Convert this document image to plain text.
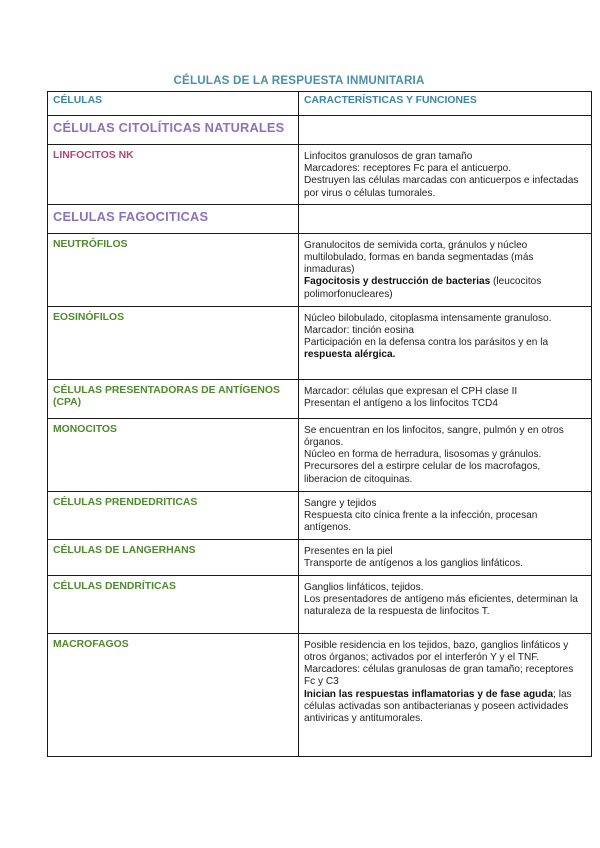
CÉLULAS DE LA RESPUESTA INMUNITARIA
CÉLULAS	CARACTERÍSTICAS Y FUNCIONES
CÉLULAS CITOLÍTICAS NATURALES	
LINFOCITOS NK	Linfocitos granulosos de gran tamaño
Marcadores: receptores Fc para el anticuerpo.
Destruyen las células marcadas con anticuerpos e infectadas por virus o células tumorales.

CELULAS FAGOCITICAS	
NEUTRÓFILOS	Granulocitos de semivida corta, gránulos y núcleo multilobulado, formas en banda segmentadas (más inmaduras)
Fagocitosis y destrucción de bacterias (leucocitos polimorfonucleares)

EOSINÓFILOS	Núcleo bilobulado, citoplasma intensamente granuloso.
Marcador: tinción eosina
Participación en la defensa contra los parásitos y en la respuesta alérgica.

CÉLULAS PRESENTADORAS DE ANTÍGENOS (CPA)	Marcador: células que expresan el CPH clase II
Presentan el antígeno a los linfocitos TCD4

MONOCITOS	Se encuentran en los linfocitos, sangre, pulmón y en otros órganos.
Núcleo en forma de herradura, lisosomas y gránulos.
Precursores del a estirpre celular de los macrofagos, liberacion de citoquinas.

CÉLULAS PRENDEDRITICAS	Sangre y tejidos
Respuesta cito cínica frente a la infección, procesan antígenos.

CÉLULAS DE LANGERHANS	Presentes en la piel
Transporte de antígenos a los ganglios linfáticos.

CÉLULAS DENDRÍTICAS	Ganglios linfáticos, tejidos.
Los presentadores de antígeno más eficientes, determinan la naturaleza de la respuesta de linfocitos T.

MACROFAGOS	Posible residencia en los tejidos, bazo, ganglios linfáticos y otros órganos; activados por el interferón Y y el TNF.
Marcadores: células granulosas de gran tamaño; receptores Fc y C3
Inician las respuestas inflamatorias y de fase aguda; las células activadas son antibacterianas y poseen actividades antiviricas y antitumorales.
